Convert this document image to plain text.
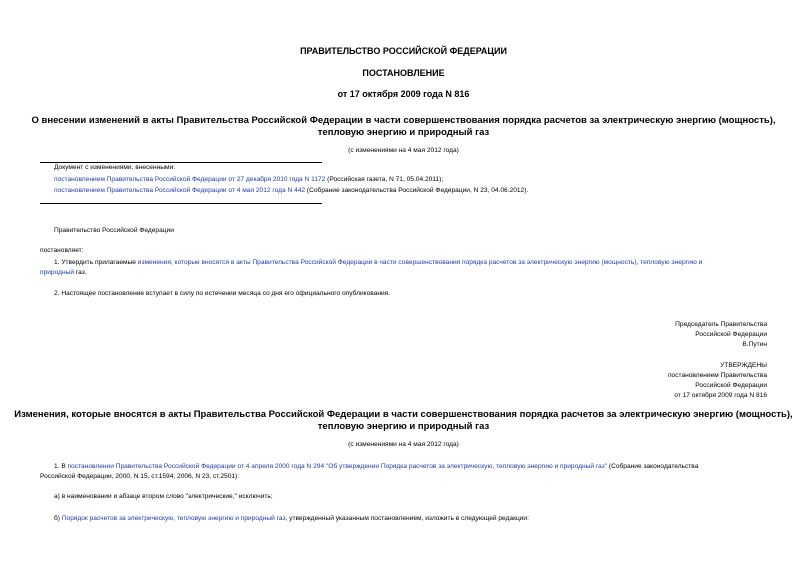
ПРАВИТЕЛЬСТВО РОССИЙСКОЙ ФЕДЕРАЦИИ
ПОСТАНОВЛЕНИЕ
от 17 октября 2009 года N 816
О внесении изменений в акты Правительства Российской Федерации в части совершенствования порядка расчетов за электрическую энергию (мощность),
тепловую энергию и природный газ
(с изменениями на 4 мая 2012 года)
Документ с изменениями, внесенными:
постановлением Правительства Российской Федерации от 27 декабря 2010 года N 1172 (Российская газета, N 71, 05.04.2011);
постановлением Правительства Российской Федерации от 4 мая 2012 года N 442 (Собрание законодательства Российской Федерации, N 23, 04.06.2012).
Правительство Российской Федерации
постановляет:
1. Утвердить прилагаемые изменения, которые вносятся в акты Правительства Российской Федерации в части совершенствования порядка расчетов за электрическую энергию (мощность), тепловую энергию и
природный газ.
2. Настоящее постановление вступает в силу по истечении месяца со дня его официального опубликования.
Председатель Правительства
Российской Федерации
В.Путин
УТВЕРЖДЕНЫ
постановлением Правительства
Российской Федерации
от 17 октября 2009 года N 816
Изменения, которые вносятся в акты Правительства Российской Федерации в части совершенствования порядка расчетов за электрическую энергию (мощность),
тепловую энергию и природный газ
(с изменениями на 4 мая 2012 года)
1. В постановлении Правительства Российской Федерации от 4 апреля 2000 года N 294 "Об утверждении Порядка расчетов за электрическую, тепловую энергию и природный газ" (Собрание законодательства
Российской Федерации, 2000, N 15, ст.1594; 2006, N 23, ст.2501):
а) в наименовании и абзаце втором слово "электрические," исключить;
б) Порядок расчетов за электрическую, тепловую энергию и природный газ, утвержденный указанным постановлением, изложить в следующей редакции:
